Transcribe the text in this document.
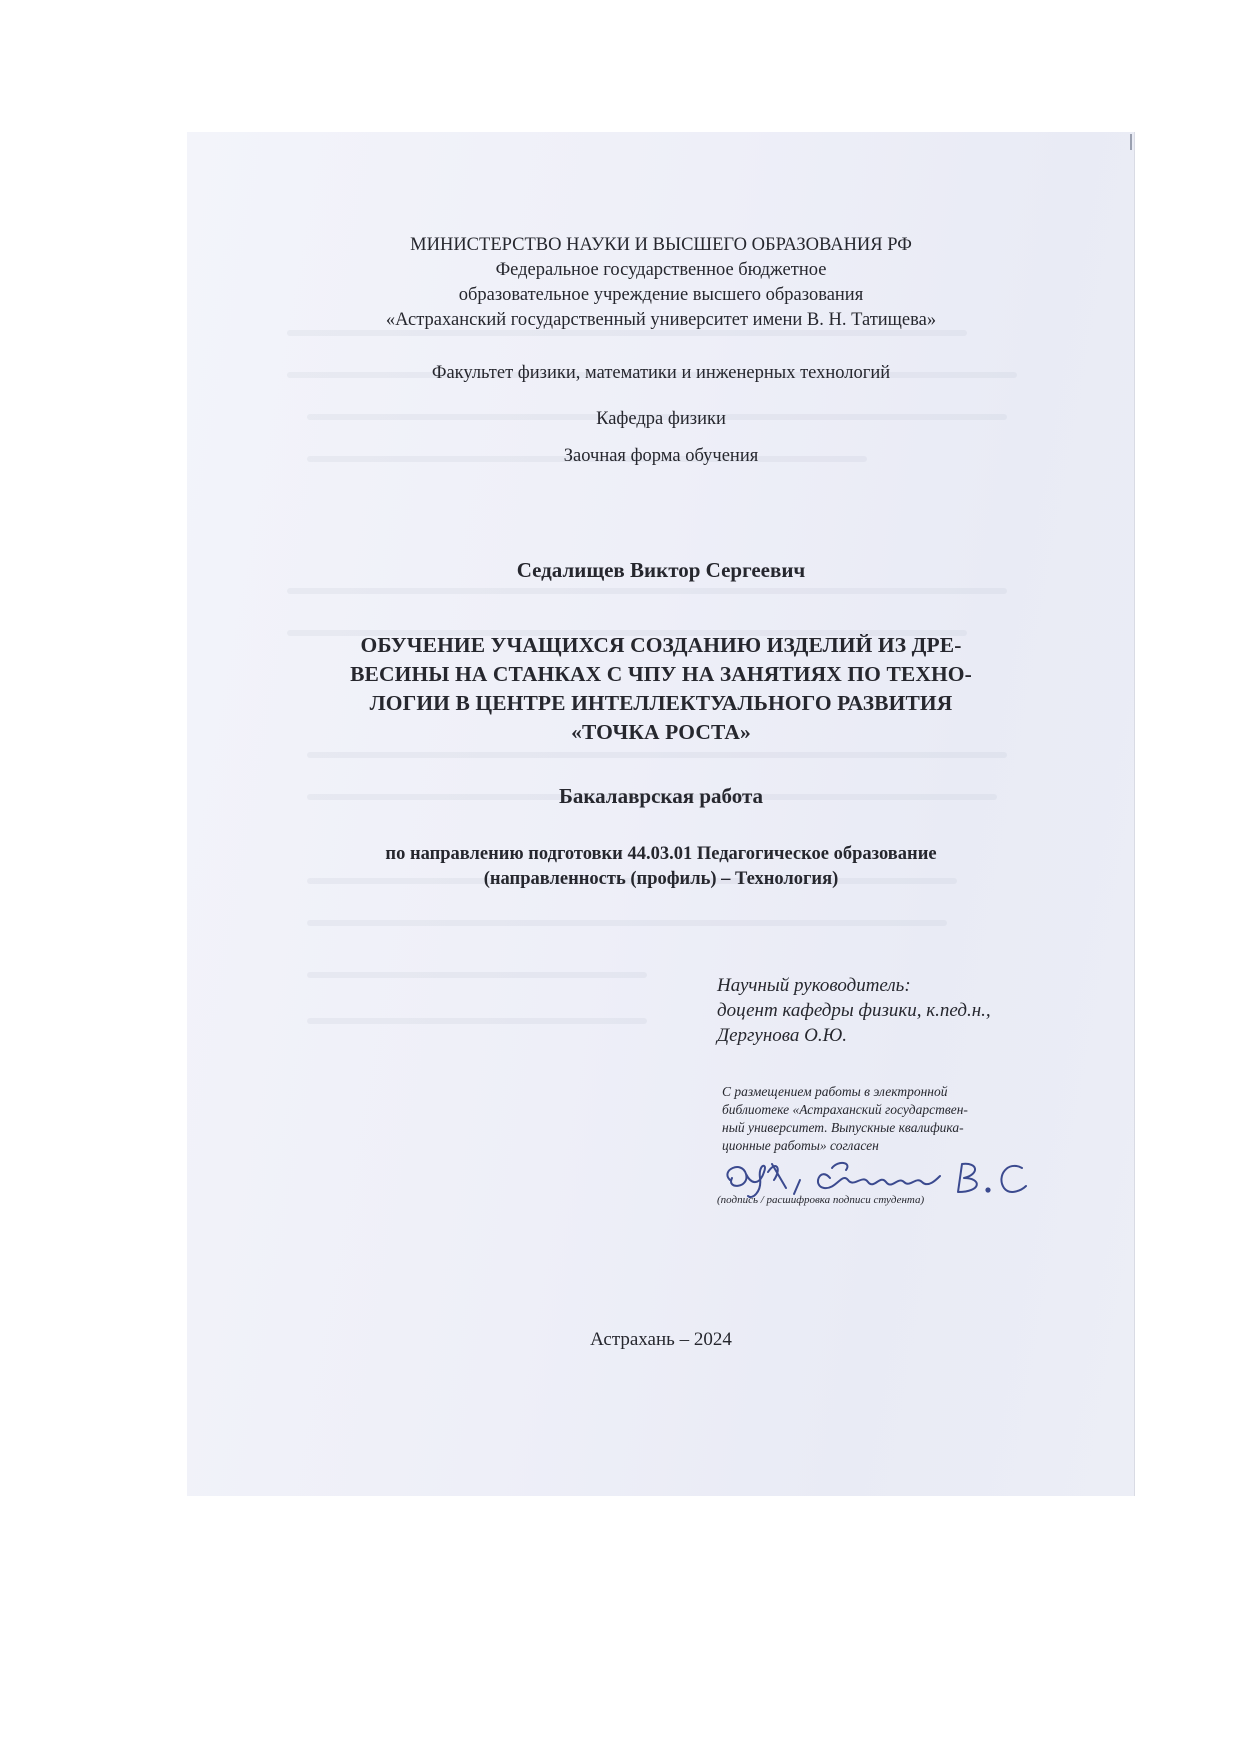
МИНИСТЕРСТВО НАУКИ И ВЫСШЕГО ОБРАЗОВАНИЯ РФ
Федеральное государственное бюджетное
образовательное учреждение высшего образования
«Астраханский государственный университет имени В. Н. Татищева»
Факультет физики, математики и инженерных технологий
Кафедра физики
Заочная форма обучения
Седалищев Виктор Сергеевич
ОБУЧЕНИЕ УЧАЩИХСЯ СОЗДАНИЮ ИЗДЕЛИЙ ИЗ ДРЕ-
ВЕСИНЫ НА СТАНКАХ С ЧПУ НА ЗАНЯТИЯХ ПО ТЕХНО-
ЛОГИИ В ЦЕНТРЕ ИНТЕЛЛЕКТУАЛЬНОГО РАЗВИТИЯ
«ТОЧКА РОСТА»
Бакалаврская работа
по направлению подготовки 44.03.01 Педагогическое образование
(направленность (профиль) – Технология)
Научный руководитель:
доцент кафедры физики, к.пед.н.,
Дергунова О.Ю.
С размещением работы в электронной
библиотеке «Астраханский государствен-
ный университет. Выпускные квалифика-
ционные работы» согласен
(подпись / расшифровка подписи студента)
Астрахань – 2024
